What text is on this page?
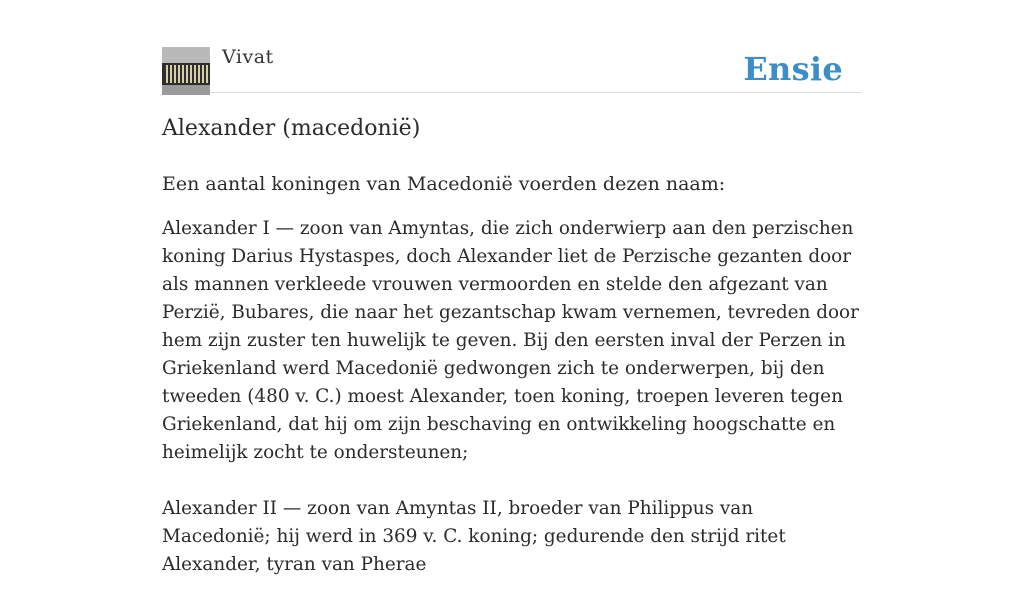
Vivat	Ensie
Alexander (macedonië)

Een aantal koningen van Macedonië voerden dezen naam:

Alexander I — zoon van Amyntas, die zich onderwierp aan den perzischen koning Darius Hystaspes, doch Alexander liet de Perzische gezanten door als mannen verkleede vrouwen vermoorden en stelde den afgezant van Perzië, Bubares, die naar het gezantschap kwam vernemen, tevreden door hem zijn zuster ten huwelijk te geven. Bij den eersten inval der Perzen in Griekenland werd Macedonië gedwongen zich te onderwerpen, bij den tweeden (480 v. C.) moest Alexander, toen koning, troepen leveren tegen Griekenland, dat hij om zijn beschaving en ontwikkeling hoogschatte en heimelijk zocht te ondersteunen;

Alexander II — zoon van Amyntas II, broeder van Philippus van Macedonië; hij werd in 369 v. C. koning; gedurende den strijd ritet Alexander, tyran van Pherae
